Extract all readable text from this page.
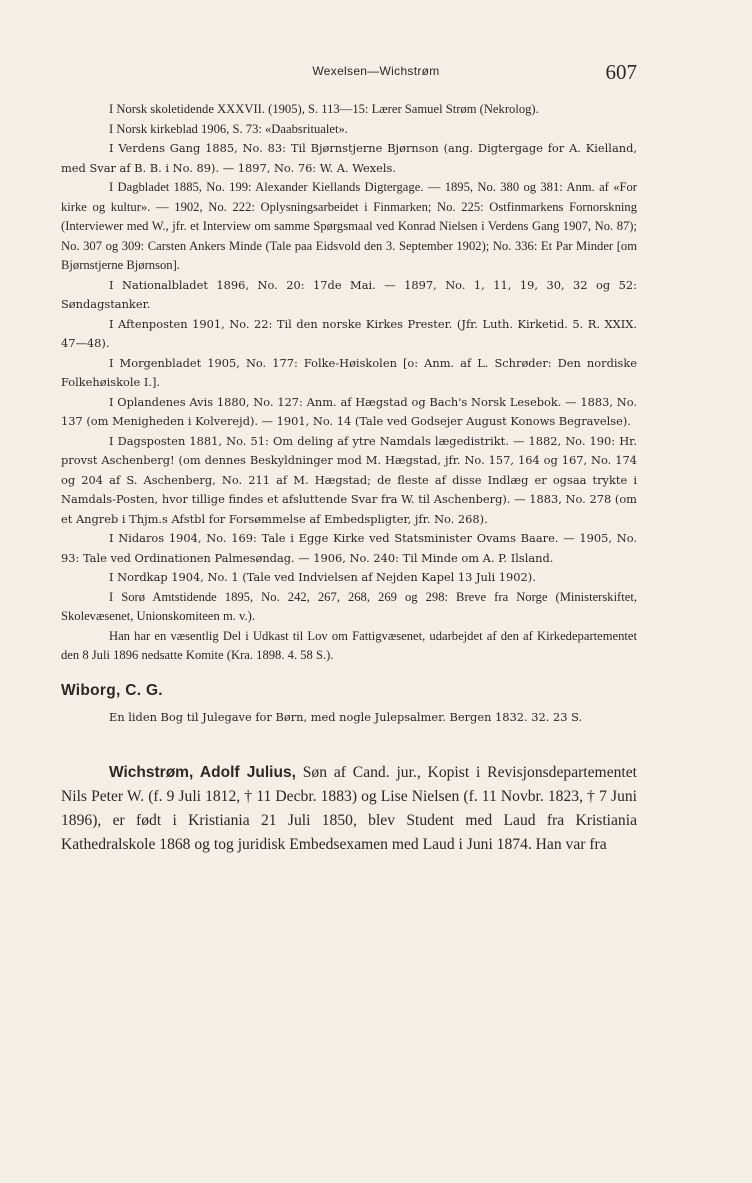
Wexelsen—Wichstrøm	607

I Norsk skoletidende XXXVII. (1905), S. 113—15: Lærer Samuel Strøm (Nekrolog).

I Norsk kirkeblad 1906, S. 73: «Daabsritualet».

I Verdens Gang 1885, No. 83: Til Bjørnstjerne Bjørnson (ang. Digtergage for A. Kielland, med Svar af B. B. i No. 89). — 1897, No. 76: W. A. Wexels.

I Dagbladet 1885, No. 199: Alexander Kiellands Digtergage. — 1895, No. 380 og 381: Anm. af «For kirke og kultur». — 1902, No. 222: Oplysningsarbeidet i Finmarken; No. 225: Ostfinmarkens Fornorskning (Interviewer med W., jfr. et Interview om samme Spørgsmaal ved Konrad Nielsen i Verdens Gang 1907, No. 87); No. 307 og 309: Carsten Ankers Minde (Tale paa Eidsvold den 3. September 1902); No. 336: Et Par Minder [om Bjørnstjerne Bjørnson].

I Nationalbladet 1896, No. 20: 17de Mai. — 1897, No. 1, 11, 19, 30, 32 og 52: Søndagstanker.

I Aftenposten 1901, No. 22: Til den norske Kirkes Prester. (Jfr. Luth. Kirketid. 5. R. XXIX. 47—48).

I Morgenbladet 1905, No. 177: Folke-Høiskolen [o: Anm. af L. Schrøder: Den nordiske Folkehøiskole I.].

I Oplandenes Avis 1880, No. 127: Anm. af Hægstad og Bach's Norsk Lesebok. — 1883, No. 137 (om Menigheden i Kolverejd). — 1901, No. 14 (Tale ved Godsejer August Konows Begravelse).

I Dagsposten 1881, No. 51: Om deling af ytre Namdals lægedistrikt. — 1882, No. 190: Hr. provst Aschenberg! (om dennes Beskyldninger mod M. Hægstad, jfr. No. 157, 164 og 167, No. 174 og 204 af S. Aschenberg, No. 211 af M. Hægstad; de fleste af disse Indlæg er ogsaa trykte i Namdals-Posten, hvor tillige findes et afsluttende Svar fra W. til Aschenberg). — 1883, No. 278 (om et Angreb i Thjm.s Afstbl for Forsømmelse af Embedspligter, jfr. No. 268).

I Nidaros 1904, No. 169: Tale i Egge Kirke ved Statsminister Ovams Baare. — 1905, No. 93: Tale ved Ordinationen Palmesøndag. — 1906, No. 240: Til Minde om A. P. Ilsland.

I Nordkap 1904, No. 1 (Tale ved Indvielsen af Nejden Kapel 13 Juli 1902).

I Sorø Amtstidende 1895, No. 242, 267, 268, 269 og 298: Breve fra Norge (Ministerskiftet, Skolevæsenet, Unionskomiteen m. v.).

Han har en væsentlig Del i Udkast til Lov om Fattigvæsenet, udarbejdet af den af Kirkedepartementet den 8 Juli 1896 nedsatte Komite (Kra. 1898. 4. 58 S.).

Wiborg, C. G.

En liden Bog til Julegave for Børn, med nogle Julepsalmer. Bergen 1832. 32. 23 S.

Wichstrøm, Adolf Julius, Søn af Cand. jur., Kopist i Revisjonsdepartementet Nils Peter W. (f. 9 Juli 1812, † 11 Decbr. 1883) og Lise Nielsen (f. 11 Novbr. 1823, † 7 Juni 1896), er født i Kristiania 21 Juli 1850, blev Student med Laud fra Kristiania Kathedralskole 1868 og tog juridisk Embedsexamen med Laud i Juni 1874. Han var fra
